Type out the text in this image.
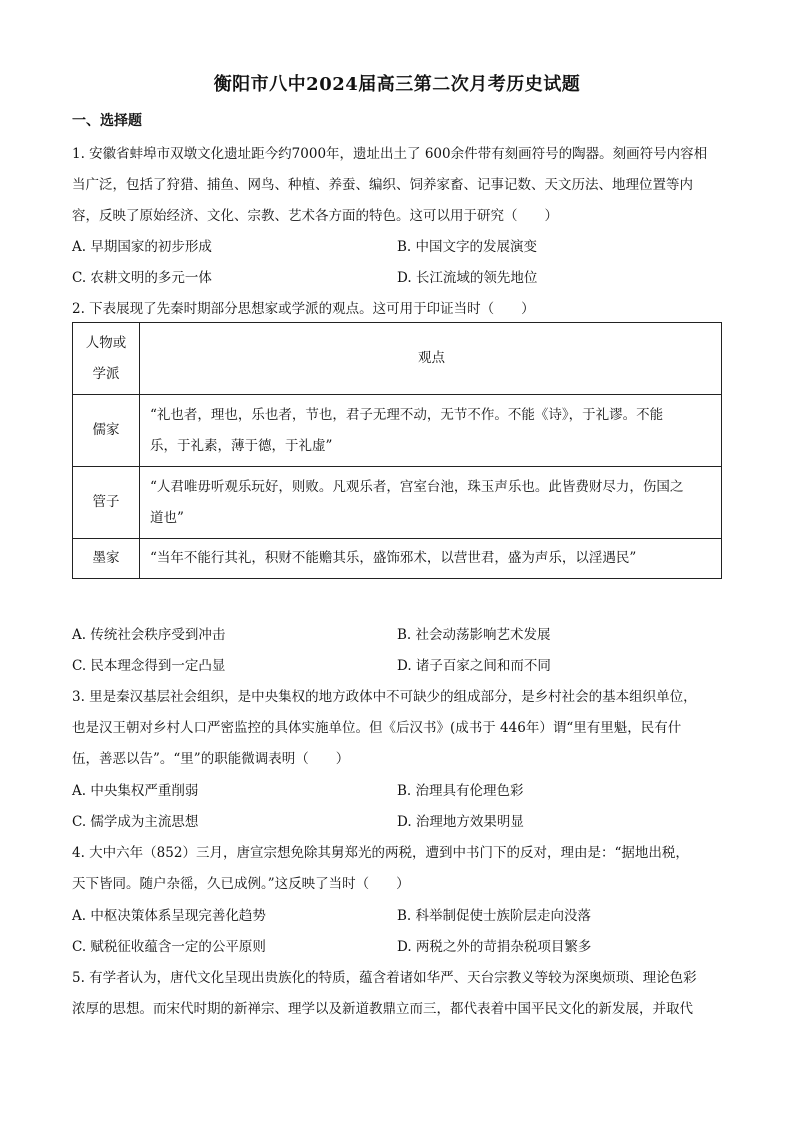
衡阳市八中2024届高三第二次月考历史试题
一、选择题
1. 安徽省蚌埠市双墩文化遗址距今约7000年，遗址出土了 600余件带有刻画符号的陶器。刻画符号内容相
当广泛，包括了狩猎、捕鱼、网鸟、种植、养蚕、编织、饲养家畜、记事记数、天文历法、地理位置等内
容，反映了原始经济、文化、宗教、艺术各方面的特色。这可以用于研究（　　）
A. 早期国家的初步形成	B. 中国文字的发展演变
C. 农耕文明的多元一体	D. 长江流域的领先地位
2. 下表展现了先秦时期部分思想家或学派的观点。这可用于印证当时（　　）
人物或
学派	观点
儒家	“礼也者，理也，乐也者，节也，君子无理不动，无节不作。不能《诗》，于礼谬。不能
乐，于礼素，薄于德，于礼虚”

管子	“人君唯毋听观乐玩好，则败。凡观乐者，宫室台池，珠玉声乐也。此皆费财尽力，伤国之
道也”

墨家	“当年不能行其礼，积财不能赡其乐，盛饰邪术，以营世君，盛为声乐，以淫遇民”
A. 传统社会秩序受到冲击	B. 社会动荡影响艺术发展
C. 民本理念得到一定凸显	D. 诸子百家之间和而不同
3. 里是秦汉基层社会组织，是中央集权的地方政体中不可缺少的组成部分，是乡村社会的基本组织单位，
也是汉王朝对乡村人口严密监控的具体实施单位。但《后汉书》(成书于 446年）谓“里有里魁，民有什
伍，善恶以告”。“里”的职能微调表明（　　）
A. 中央集权严重削弱	B. 治理具有伦理色彩
C. 儒学成为主流思想	D. 治理地方效果明显
4. 大中六年（852）三月，唐宣宗想免除其舅郑光的两税，遭到中书门下的反对，理由是：“据地出税，
天下皆同。随户杂徭，久已成例。”这反映了当时（　　）
A. 中枢决策体系呈现完善化趋势	B. 科举制促使士族阶层走向没落
C. 赋税征收蕴含一定的公平原则	D. 两税之外的苛捐杂税项目繁多
5. 有学者认为，唐代文化呈现出贵族化的特质，蕴含着诸如华严、天台宗教义等较为深奥烦琐、理论色彩
浓厚的思想。而宋代时期的新禅宗、理学以及新道教鼎立而三，都代表着中国平民文化的新发展，并取代
